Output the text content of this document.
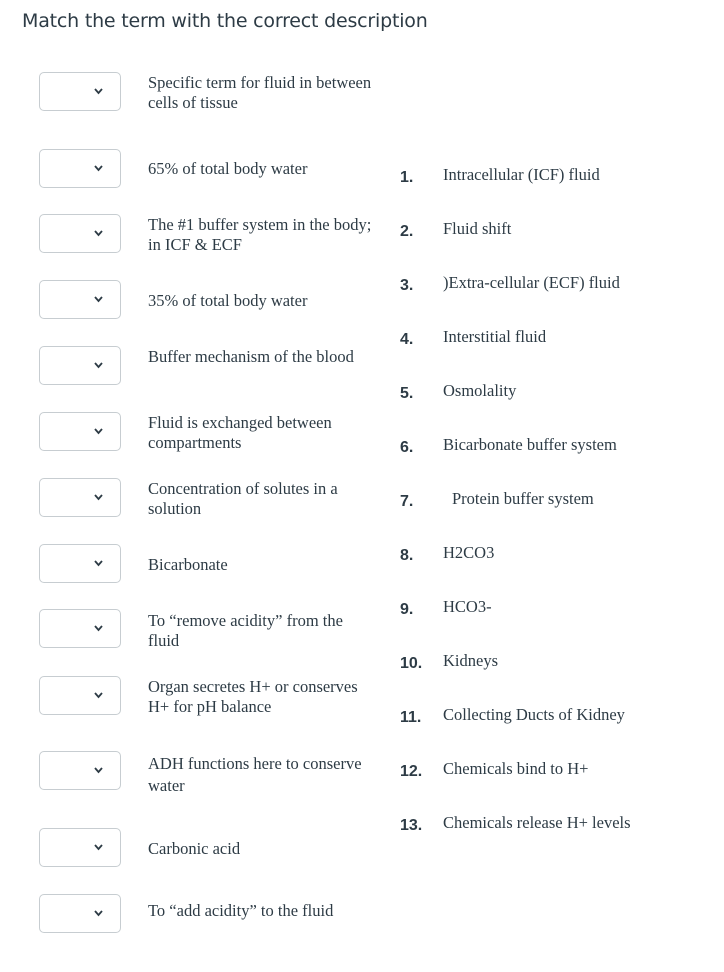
Match the term with the correct description
Specific term for fluid in between cells of tissue
65% of total body water
The #1 buffer system in the body; in ICF & ECF
35% of total body water
Buffer mechanism of the blood
Fluid is exchanged between compartments
Concentration of solutes in a solution
Bicarbonate
To “remove acidity” from the fluid
Organ secretes H+ or conserves H+ for pH balance
ADH functions here to conserve water
Carbonic acid
To “add acidity” to the fluid
1.	Intracellular (ICF) fluid
2.	Fluid shift
3.	)Extra-cellular (ECF) fluid
4.	Interstitial fluid
5.	Osmolality
6.	Bicarbonate buffer system
7.	Protein buffer system
8.	H2CO3
9.	HCO3-
10.	Kidneys
11.	Collecting Ducts of Kidney
12.	Chemicals bind to H+
13.	Chemicals release H+ levels
